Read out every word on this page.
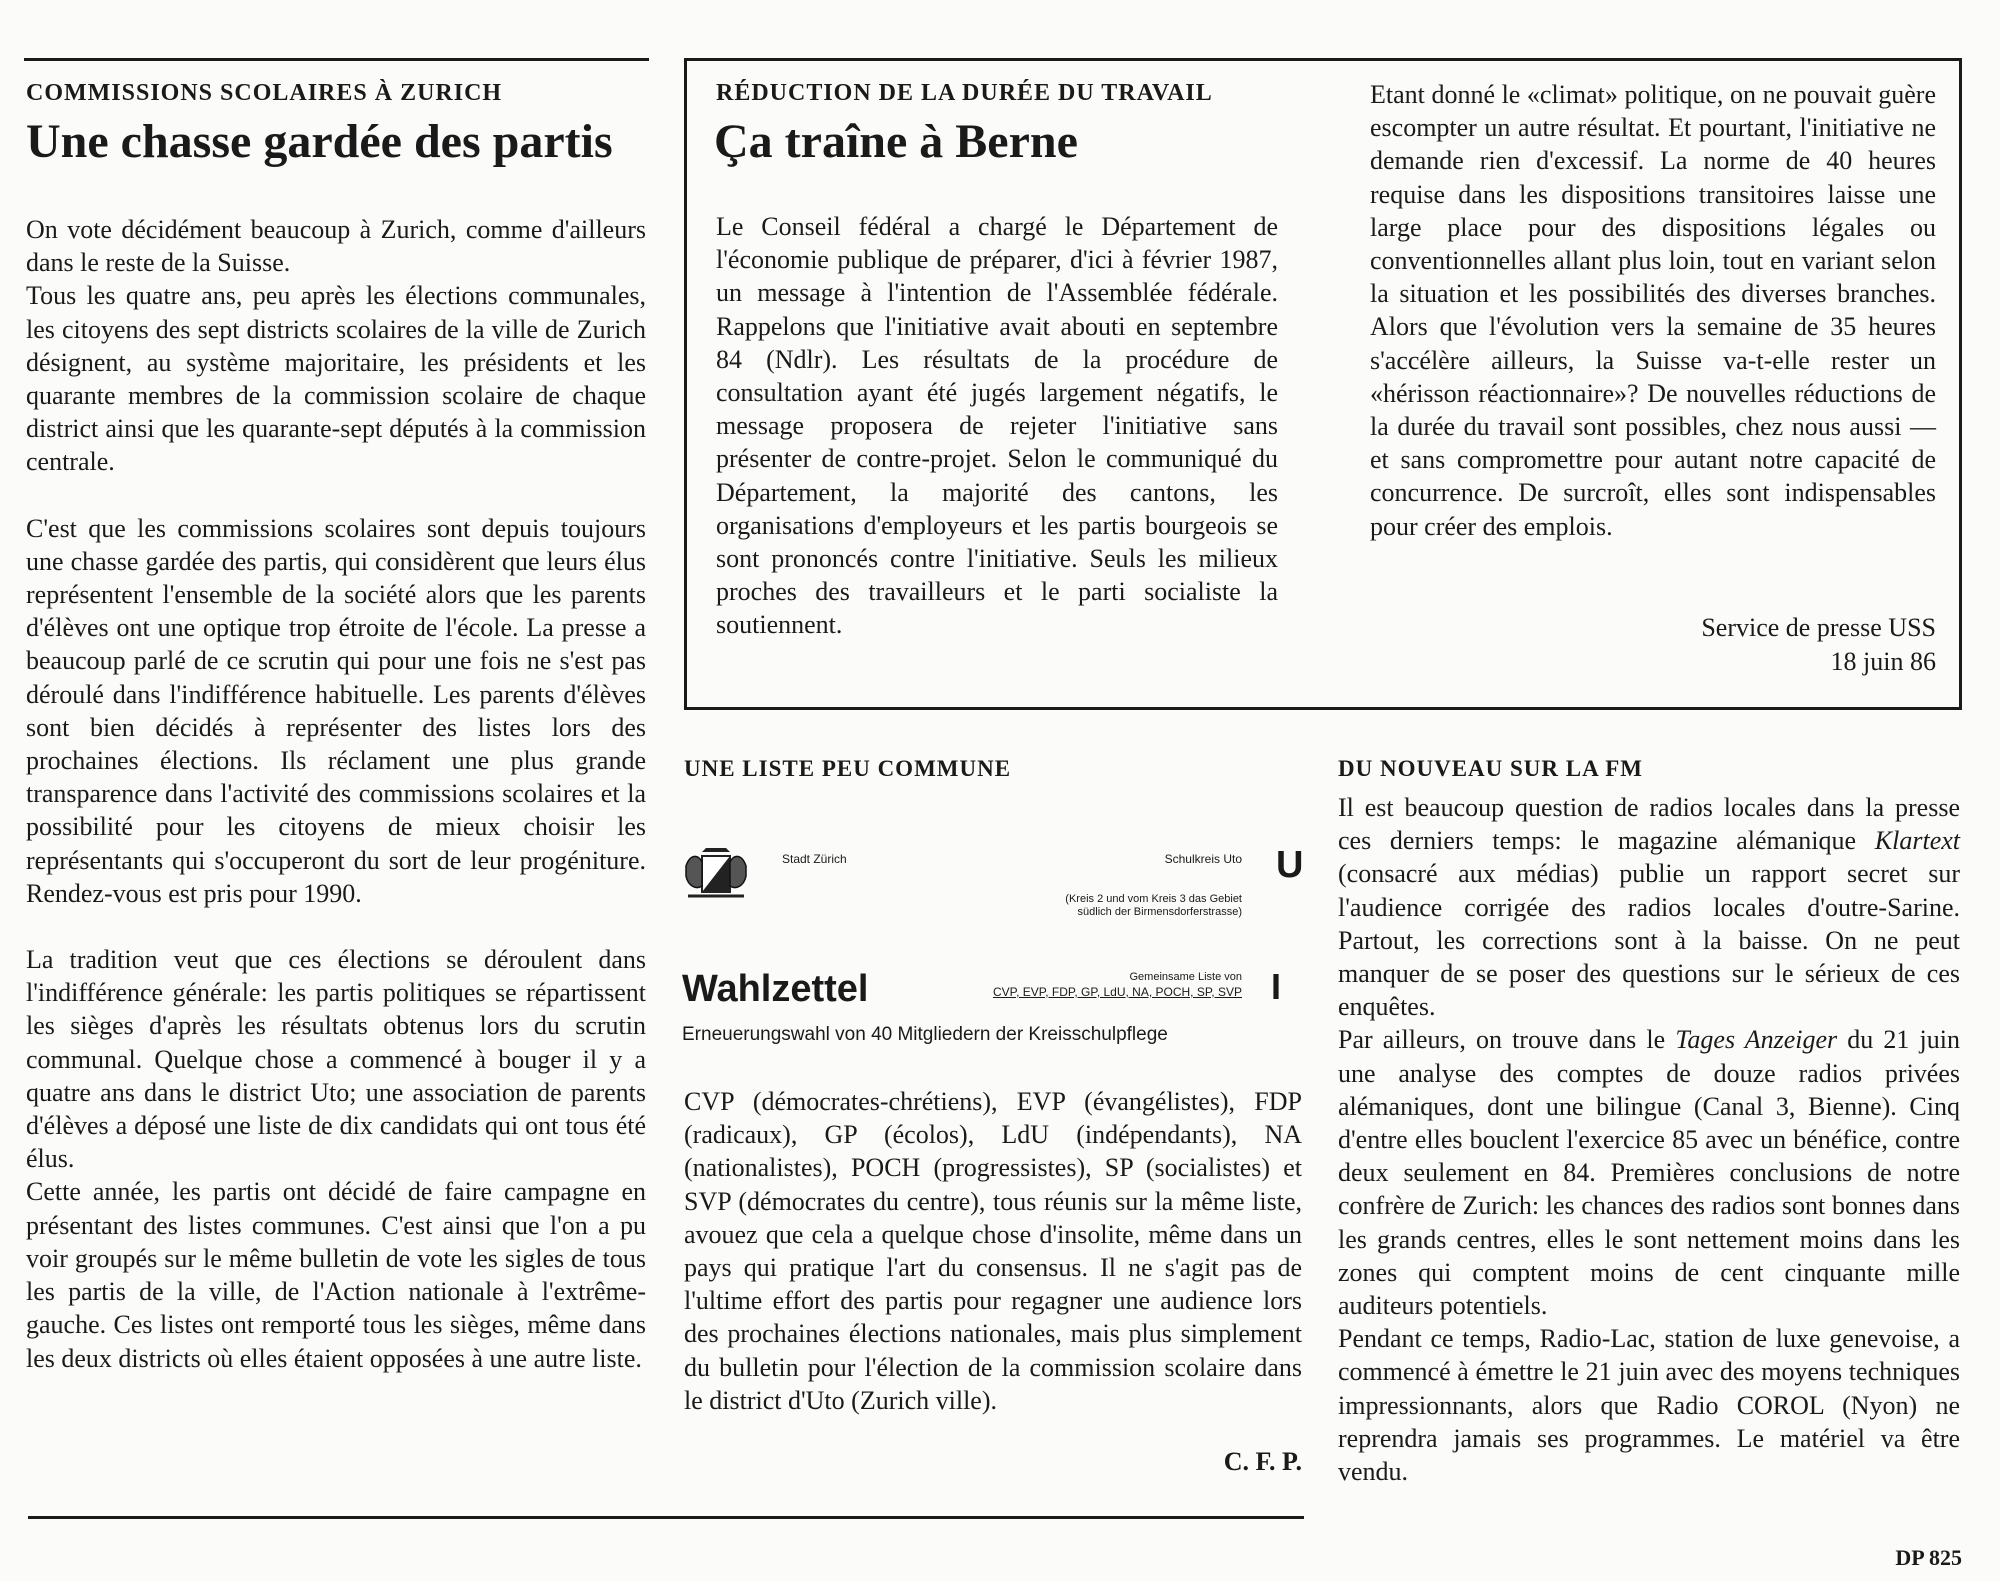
COMMISSIONS SCOLAIRES À ZURICH
Une chasse gardée des partis

On vote décidément beaucoup à Zurich, comme d'ailleurs dans le reste de la Suisse.

Tous les quatre ans, peu après les élections communales, les citoyens des sept districts scolaires de la ville de Zurich désignent, au système majoritaire, les présidents et les quarante membres de la commission scolaire de chaque district ainsi que les quarante-sept députés à la commission centrale.

C'est que les commissions scolaires sont depuis toujours une chasse gardée des partis, qui considèrent que leurs élus représentent l'ensemble de la société alors que les parents d'élèves ont une optique trop étroite de l'école. La presse a beaucoup parlé de ce scrutin qui pour une fois ne s'est pas déroulé dans l'indifférence habituelle. Les parents d'élèves sont bien décidés à représenter des listes lors des prochaines élections. Ils réclament une plus grande transparence dans l'activité des commissions scolaires et la possibilité pour les citoyens de mieux choisir les représentants qui s'occuperont du sort de leur progéniture. Rendez-vous est pris pour 1990.

La tradition veut que ces élections se déroulent dans l'indifférence générale: les partis politiques se répartissent les sièges d'après les résultats obtenus lors du scrutin communal. Quelque chose a commencé à bouger il y a quatre ans dans le district Uto; une association de parents d'élèves a déposé une liste de dix candidats qui ont tous été élus.

Cette année, les partis ont décidé de faire campagne en présentant des listes communes. C'est ainsi que l'on a pu voir groupés sur le même bulletin de vote les sigles de tous les partis de la ville, de l'Action nationale à l'extrême-gauche. Ces listes ont remporté tous les sièges, même dans les deux districts où elles étaient opposées à une autre liste.

RÉDUCTION DE LA DURÉE DU TRAVAIL
Ça traîne à Berne
Le Conseil fédéral a chargé le Département de l'économie publique de préparer, d'ici à février 1987, un message à l'intention de l'Assemblée fédérale. Rappelons que l'initiative avait abouti en septembre 84 (Ndlr). Les résultats de la procédure de consultation ayant été jugés largement négatifs, le message proposera de rejeter l'initiative sans présenter de contre-projet. Selon le communiqué du Département, la majorité des cantons, les organisations d'employeurs et les partis bourgeois se sont prononcés contre l'initiative. Seuls les milieux proches des travailleurs et le parti socialiste la soutiennent.
Etant donné le «climat» politique, on ne pouvait guère escompter un autre résultat. Et pourtant, l'initiative ne demande rien d'excessif. La norme de 40 heures requise dans les dispositions transitoires laisse une large place pour des dispositions légales ou conventionnelles allant plus loin, tout en variant selon la situation et les possibilités des diverses branches. Alors que l'évolution vers la semaine de 35 heures s'accélère ailleurs, la Suisse va-t-elle rester un «hérisson réactionnaire»? De nouvelles réductions de la durée du travail sont possibles, chez nous aussi — et sans compromettre pour autant notre capacité de concurrence. De surcroît, elles sont indispensables pour créer des emplois.
Service de presse USS
18 juin 86
UNE LISTE PEU COMMUNE
Stadt Zürich	Schulkreis Uto U
(Kreis 2 und vom Kreis 3 das Gebiet
südlich der Birmensdorferstrasse)
Wahlzettel	Gemeinsame Liste von
CVP, EVP, FDP, GP, LdU, NA, POCH, SP, SVP I
Erneuerungswahl von 40 Mitgliedern der Kreisschulpflege
CVP (démocrates-chrétiens), EVP (évangélistes), FDP (radicaux), GP (écolos), LdU (indépendants), NA (nationalistes), POCH (progressistes), SP (socialistes) et SVP (démocrates du centre), tous réunis sur la même liste, avouez que cela a quelque chose d'insolite, même dans un pays qui pratique l'art du consensus. Il ne s'agit pas de l'ultime effort des partis pour regagner une audience lors des prochaines élections nationales, mais plus simplement du bulletin pour l'élection de la commission scolaire dans le district d'Uto (Zurich ville).
C. F. P.
DU NOUVEAU SUR LA FM

Il est beaucoup question de radios locales dans la presse ces derniers temps: le magazine alémanique Klartext (consacré aux médias) publie un rapport secret sur l'audience corrigée des radios locales d'outre-Sarine. Partout, les corrections sont à la baisse. On ne peut manquer de se poser des questions sur le sérieux de ces enquêtes.

Par ailleurs, on trouve dans le Tages Anzeiger du 21 juin une analyse des comptes de douze radios privées alémaniques, dont une bilingue (Canal 3, Bienne). Cinq d'entre elles bouclent l'exercice 85 avec un bénéfice, contre deux seulement en 84. Premières conclusions de notre confrère de Zurich: les chances des radios sont bonnes dans les grands centres, elles le sont nettement moins dans les zones qui comptent moins de cent cinquante mille auditeurs potentiels.

Pendant ce temps, Radio-Lac, station de luxe genevoise, a commencé à émettre le 21 juin avec des moyens techniques impressionnants, alors que Radio COROL (Nyon) ne reprendra jamais ses programmes. Le matériel va être vendu.

DP 825
